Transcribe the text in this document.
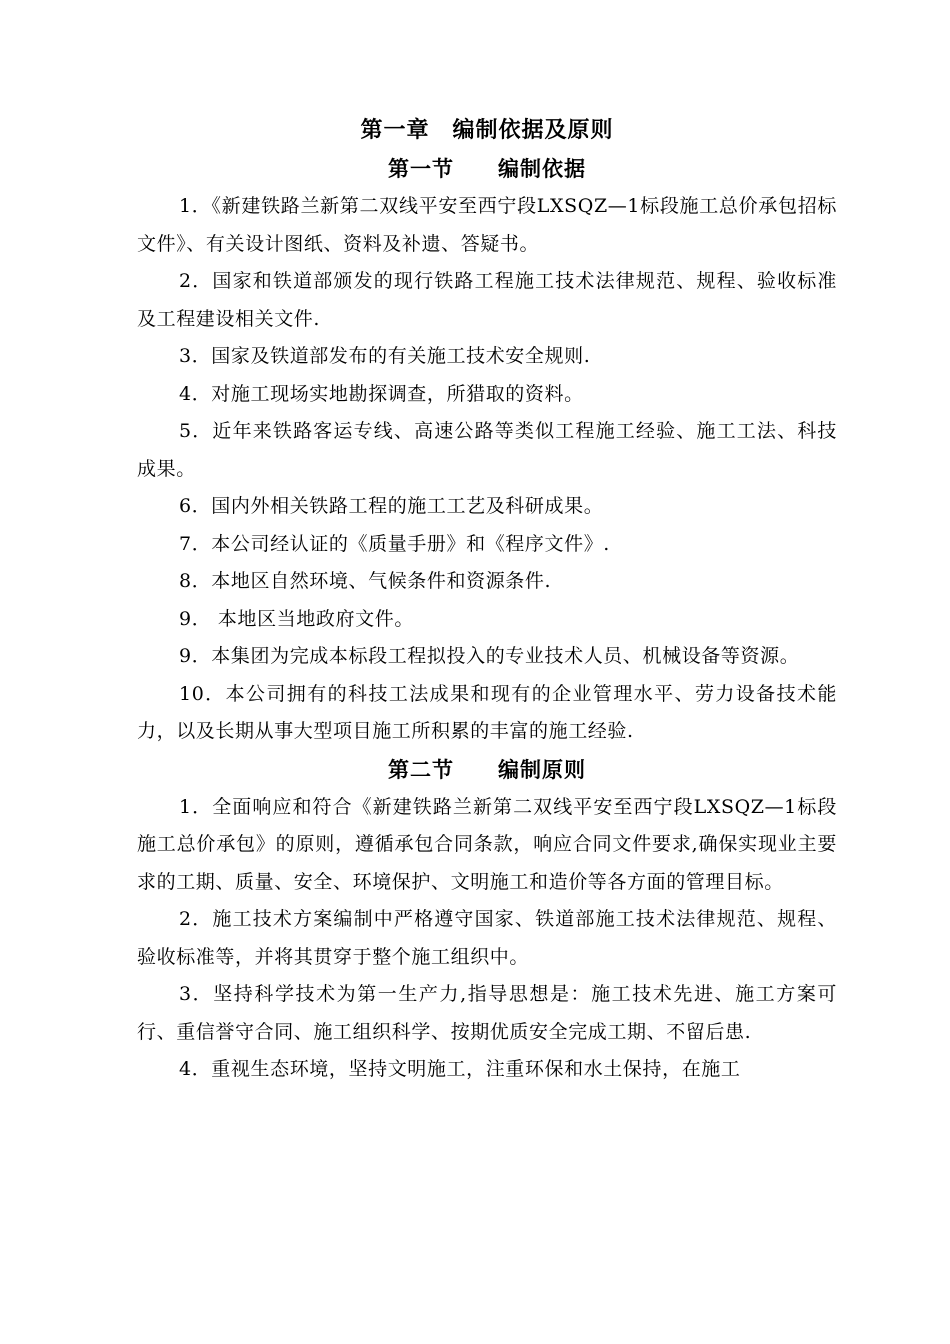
第一章　编制依据及原则
第一节　　编制依据

1．《新建铁路兰新第二双线平安至西宁段LXSQZ—1标段施工总价承包招标文件》、有关设计图纸、资料及补遗、答疑书。

2．国家和铁道部颁发的现行铁路工程施工技术法律规范、规程、验收标准及工程建设相关文件.

3．国家及铁道部发布的有关施工技术安全规则.

4．对施工现场实地勘探调查，所猎取的资料。

5．近年来铁路客运专线、高速公路等类似工程施工经验、施工工法、科技成果。

6．国内外相关铁路工程的施工工艺及科研成果。

7．本公司经认证的《质量手册》和《程序文件》.

8．本地区自然环境、气候条件和资源条件.

9． 本地区当地政府文件。

9．本集团为完成本标段工程拟投入的专业技术人员、机械设备等资源。

10．本公司拥有的科技工法成果和现有的企业管理水平、劳力设备技术能力，以及长期从事大型项目施工所积累的丰富的施工经验.

第二节　　编制原则

1．全面响应和符合《新建铁路兰新第二双线平安至西宁段LXSQZ—1标段施工总价承包》的原则，遵循承包合同条款，响应合同文件要求,确保实现业主要求的工期、质量、安全、环境保护、文明施工和造价等各方面的管理目标。

2．施工技术方案编制中严格遵守国家、铁道部施工技术法律规范、规程、验收标准等，并将其贯穿于整个施工组织中。

3．坚持科学技术为第一生产力,指导思想是：施工技术先进、施工方案可行、重信誉守合同、施工组织科学、按期优质安全完成工期、不留后患.

4．重视生态环境，坚持文明施工，注重环保和水土保持，在施工
